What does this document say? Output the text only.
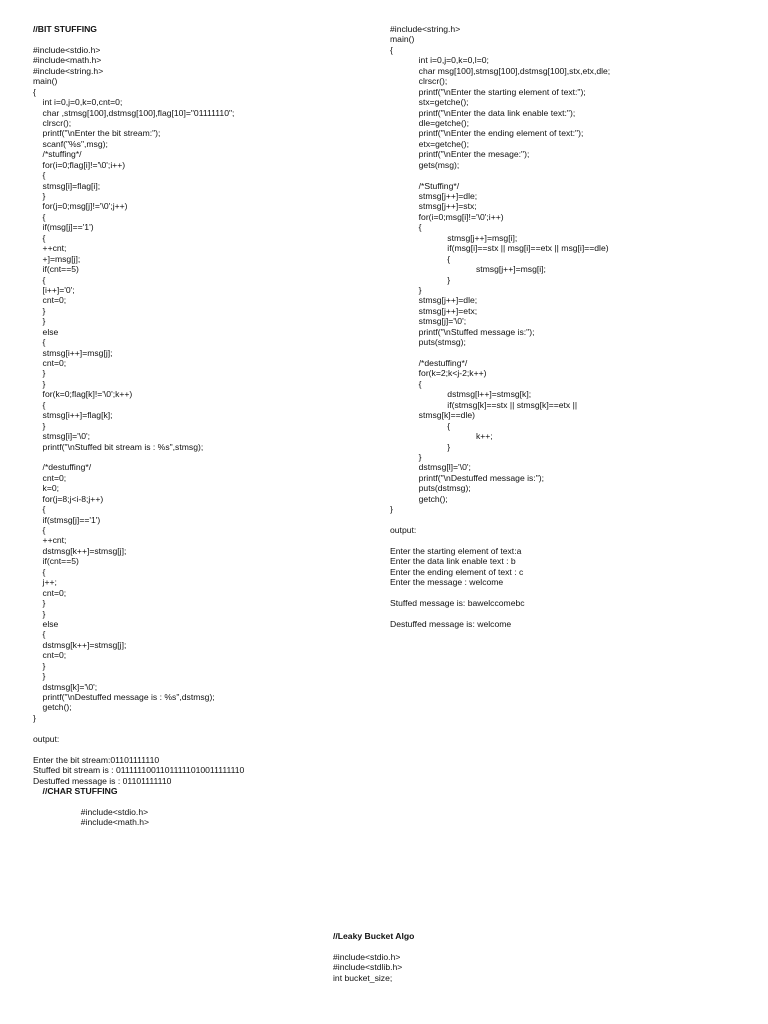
//BIT STUFFING
#include<stdio.h>
#include<math.h>
#include<string.h>
main()
{
int i=0,j=0,k=0,cnt=0;
char ,stmsg[100],dstmsg[100],flag[10]="01111110";
clrscr();
printf("\nEnter the bit stream:");
scanf("%s",msg);
/*stuffing*/
for(i=0;flag[i]!='\0';i++)
{
stmsg[i]=flag[i];
}
for(j=0;msg[j]!='\0';j++)
{
if(msg[j]=='1')
{
++cnt;
+]=msg[j];
if(cnt==5)
{
[i++]='0';
cnt=0;
}
}
else
{
stmsg[i++]=msg[j];
cnt=0;
}
}
for(k=0;flag[k]!='\0';k++)
{
stmsg[i++]=flag[k];
}
stmsg[i]='\0';
printf("\nStuffed bit stream is : %s",stmsg);
/*destuffing*/
cnt=0;
k=0;
for(j=8;j<i-8;j++)
{
if(stmsg[j]=='1')
{
++cnt;
dstmsg[k++]=stmsg[j];
if(cnt==5)
{
j++;
cnt=0;
}
}
else
{
dstmsg[k++]=stmsg[j];
cnt=0;
}
}
dstmsg[k]='\0';
printf("\nDestuffed message is : %s",dstmsg);
getch();
}
output:
Enter the bit stream:01101111110
Stuffed bit stream is : 01111110011011111010011111110
Destuffed message is : 01101111110
//CHAR STUFFING
#include<stdio.h>
#include<math.h>
#include<string.h>
main()
{
int i=0,j=0,k=0,l=0;
char msg[100],stmsg[100],dstmsg[100],stx,etx,dle;
clrscr();
printf("\nEnter the starting element of text:");
stx=getche();
printf("\nEnter the data link enable text:");
dle=getche();
printf("\nEnter the ending element of text:");
etx=getche();
printf("\nEnter the mesage:");
gets(msg);
/*Stuffing*/
stmsg[j++]=dle;
stmsg[j++]=stx;
for(i=0;msg[i]!='\0';i++)
{
stmsg[j++]=msg[i];
if(msg[i]==stx || msg[i]==etx || msg[i]==dle)
{
stmsg[j++]=msg[i];
}
}
stmsg[j++]=dle;
stmsg[j++]=etx;
stmsg[j]='\0';
printf("\nStuffed message is:");
puts(stmsg);
/*destuffing*/
for(k=2;k<j-2;k++)
{
dstmsg[l++]=stmsg[k];
if(stmsg[k]==stx || stmsg[k]==etx ||
stmsg[k]==dle)
{
k++;
}
}
dstmsg[l]='\0';
printf("\nDestuffed message is:");
puts(dstmsg);
getch();
}
output:
Enter the starting element of text:a
Enter the data link enable text : b
Enter the ending element of text : c
Enter the message : welcome
Stuffed message is: bawelccomebc
Destuffed message is: welcome
//Leaky Bucket Algo
#include<stdio.h>
#include<stdlib.h>
int bucket_size;
